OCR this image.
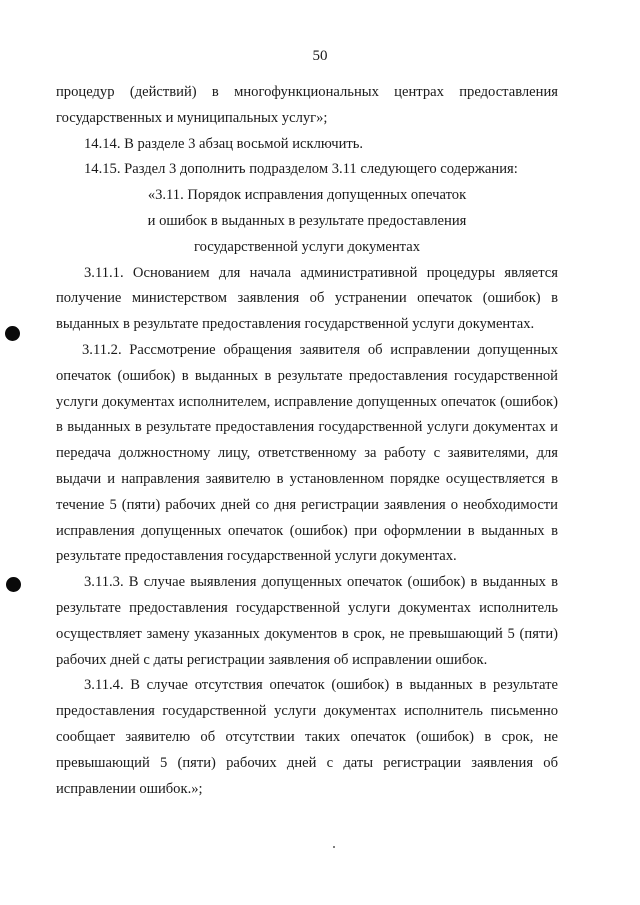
50

процедур (действий) в многофункциональных центрах предоставления государственных и муниципальных услуг»;

14.14. В разделе 3 абзац восьмой исключить.

14.15. Раздел 3 дополнить подразделом 3.11 следующего содержания:

«3.11. Порядок исправления допущенных опечаток
и ошибок в выданных в результате предоставления
государственной услуги документах

3.11.1. Основанием для начала административной процедуры является получение министерством заявления об устранении опечаток (ошибок) в выданных в результате предоставления государственной услуги документах.

3.11.2. Рассмотрение обращения заявителя об исправлении допущенных опечаток (ошибок) в выданных в результате предоставления государственной услуги документах исполнителем, исправление допущенных опечаток (ошибок) в выданных в результате предоставления государственной услуги документах и передача должностному лицу, ответственному за работу с заявителями, для выдачи и направления заявителю в установленном порядке осуществляется в течение 5 (пяти) рабочих дней со дня регистрации заявления о необходимости исправления допущенных опечаток (ошибок) при оформлении в выданных в результате предоставления государственной услуги документах.

3.11.3. В случае выявления допущенных опечаток (ошибок) в выданных в результате предоставления государственной услуги документах исполнитель осуществляет замену указанных документов в срок, не превышающий 5 (пяти) рабочих дней с даты регистрации заявления об исправлении ошибок.

3.11.4. В случае отсутствия опечаток (ошибок) в выданных в результате предоставления государственной услуги документах исполнитель письменно сообщает заявителю об отсутствии таких опечаток (ошибок) в срок, не превышающий 5 (пяти) рабочих дней с даты регистрации заявления об исправлении ошибок.»;
